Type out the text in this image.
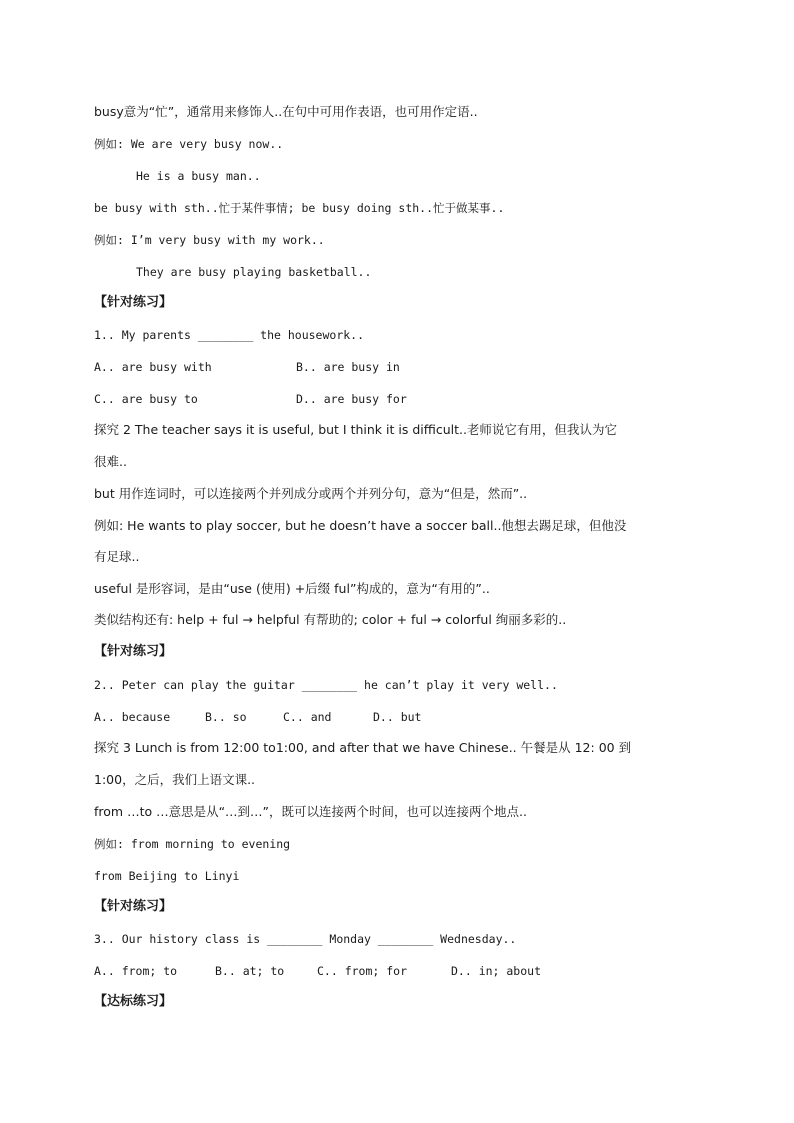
busy意为“忙”，通常用来修饰人..在句中可用作表语，也可用作定语..
例如: We are very busy now..
He is a busy man..
be busy with sth..忙于某件事情; be busy doing sth..忙于做某事..
例如: I’m very busy with my work..
They are busy playing basketball..
【针对练习】
1.. My parents ________ the housework..
A.. are busy with	B.. are busy in
C.. are busy to	D.. are busy for
探究 2 The teacher says it is useful, but I think it is difficult..老师说它有用，但我认为它
很难..
but 用作连词时，可以连接两个并列成分或两个并列分句，意为“但是，然而”..
例如: He wants to play soccer, but he doesn’t have a soccer ball..他想去踢足球，但他没
有足球..
useful 是形容词，是由“use (使用) +后缀 ful”构成的，意为“有用的”..
类似结构还有: help + ful → helpful 有帮助的; color + ful → colorful 绚丽多彩的..
【针对练习】
2.. Peter can play the guitar ________ he can’t play it very well..
A.. because	B.. so	C.. and	D.. but
探究 3 Lunch is from 12:00 to1:00, and after that we have Chinese.. 午餐是从 12: 00 到
1:00，之后，我们上语文课..
from …to …意思是从“…到…”，既可以连接两个时间，也可以连接两个地点..
例如: from morning to evening
from Beijing to Linyi
【针对练习】
3.. Our history class is ________ Monday ________ Wednesday..
A.. from; to	B.. at; to	C.. from; for	D.. in; about
【达标练习】
